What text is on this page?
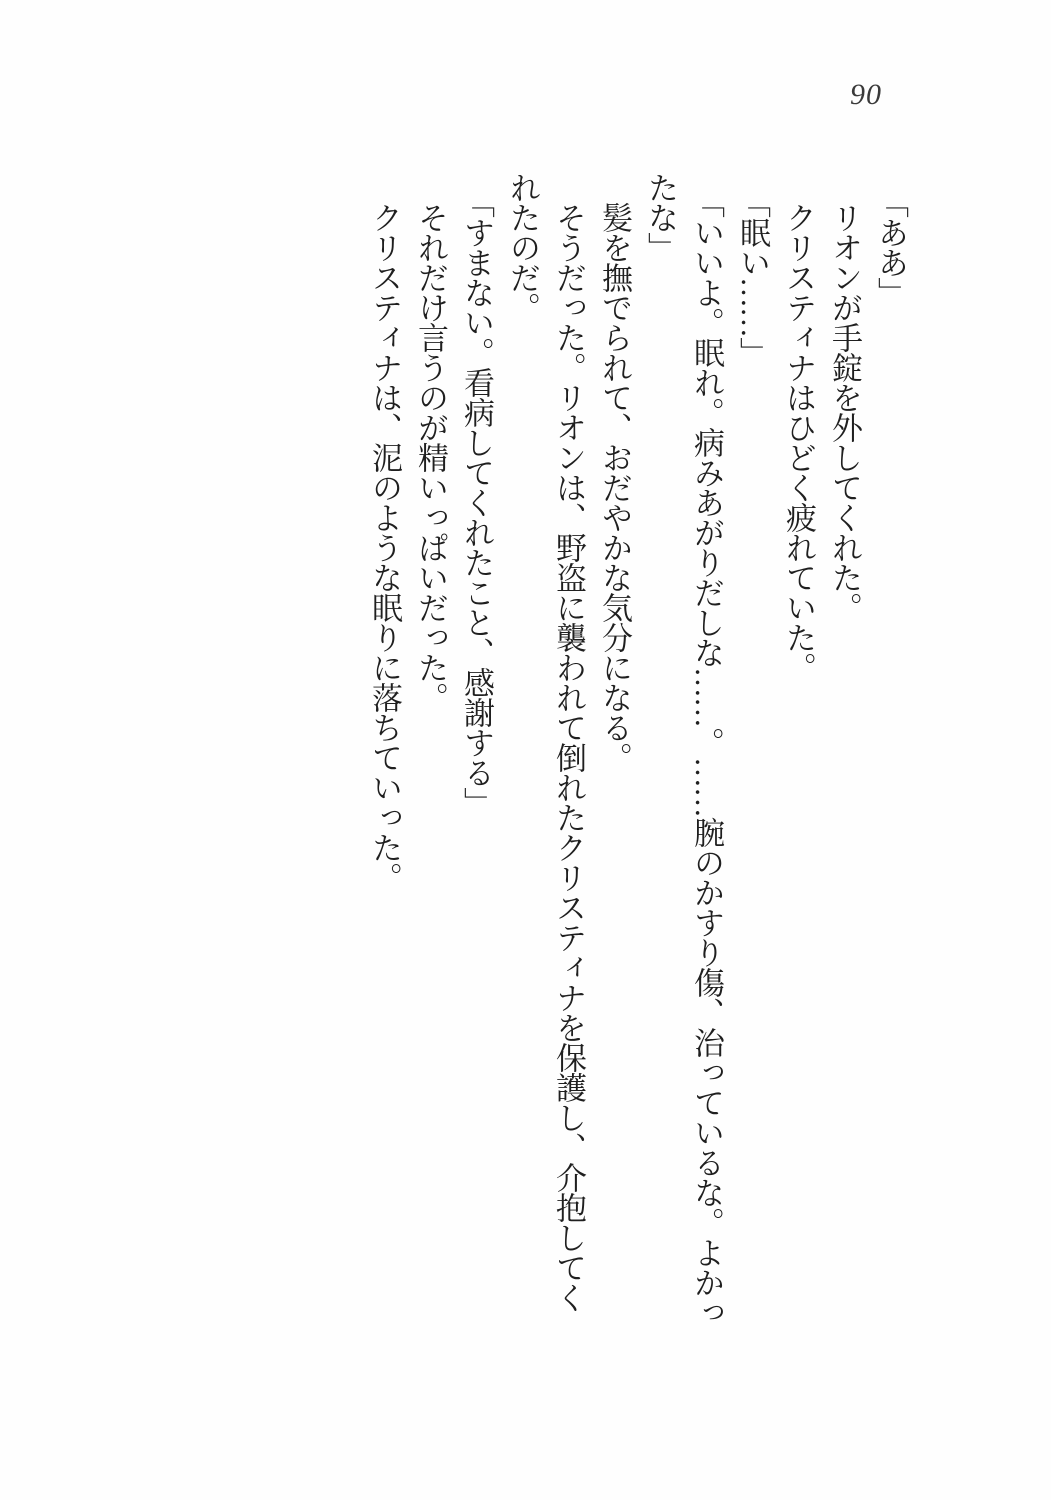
90
「ああ」
リオンが手錠を外してくれた。
クリスティナはひどく疲れていた。
「眠い……」
「いいよ。眠れ。病みあがりだしな……。……腕のかすり傷、治っているな。よかっ
たな」
髪を撫でられて、おだやかな気分になる。
そうだった。リオンは、野盗に襲われて倒れたクリスティナを保護し、介抱してく
れたのだ。
「すまない。看病してくれたこと、感謝する」
それだけ言うのが精いっぱいだった。
クリスティナは、泥のような眠りに落ちていった。
